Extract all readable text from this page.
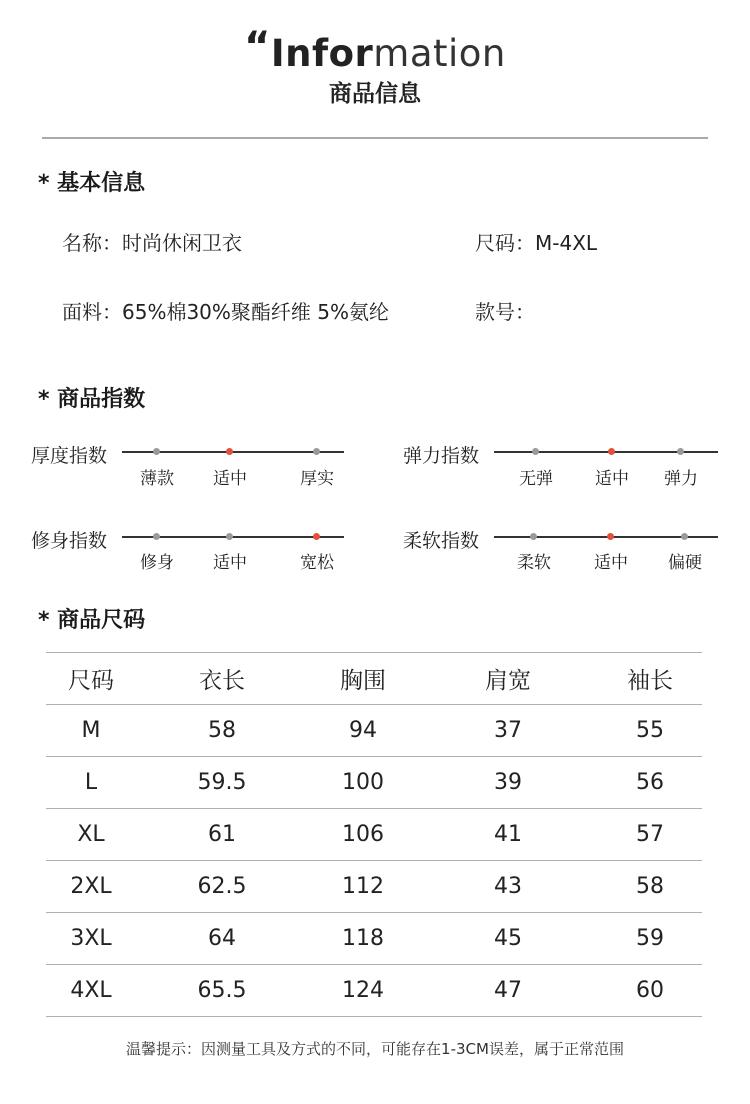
“Information
商品信息
* 基本信息
名称：时尚休闲卫衣	尺码：M-4XL
面料：65%棉30%聚酯纤维 5%氨纶	款号：
* 商品指数
厚度指数
薄款	适中	厚实
弹力指数
无弹	适中	弹力
修身指数
修身	适中	宽松
柔软指数
柔软	适中	偏硬
* 商品尺码
尺码	衣长	胸围	肩宽	袖长
M	58	94	37	55
L	59.5	100	39	56
XL	61	106	41	57
2XL	62.5	112	43	58
3XL	64	118	45	59
4XL	65.5	124	47	60
温馨提示：因测量工具及方式的不同，可能存在1-3CM误差，属于正常范围
